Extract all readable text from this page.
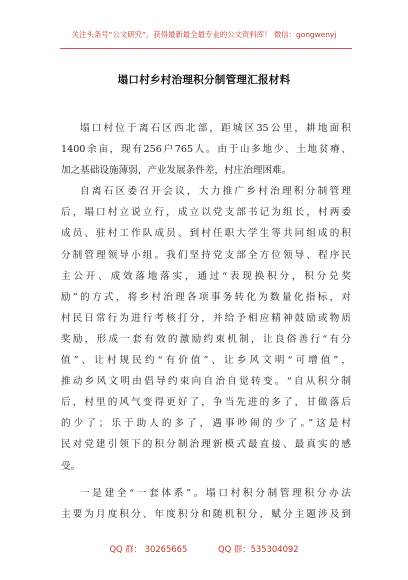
关注头条号“公文研究”，获得最新最全最专业的公文资料库！ 微信：gongwenyj
塌口村乡村治理积分制管理汇报材料
塌口村位于离石区西北部，距城区35公里，耕地面积
1400余亩，现有256户765人。由于山多地少、土地贫瘠、
加之基础设施薄弱，产业发展条件差，村庄治理困难。
自离石区委召开会议，大力推广乡村治理积分制管理
后，塌口村立说立行，成立以党支部书记为组长，村两委
成员、驻村工作队成员、到村任职大学生等共同组成的积
分制管理领导小组。我们坚持党支部全方位领导、程序民
主公开、成效落地落实，通过“表现换积分，积分兑奖
励”的方式，将乡村治理各项事务转化为数量化指标，对
村民日常行为进行考核打分，并给予相应精神鼓励或物质
奖励，形成一套有效的激励约束机制，让良俗善行“有分
值”、让村规民约“有价值”、让乡风文明“可增值”，
推动乡风文明由倡导约束向自治自觉转变。“自从积分制
后，村里的风气变得更好了，争当先进的多了，甘做落后
的少了；乐于助人的多了，遇事吵闹的少了。”这是村
民对党建引领下的积分制治理新模式最直接、最真实的感
受。
一是建全“一套体系”。塌口村积分制管理积分办法
主要为月度积分、年度积分和随机积分，赋分主题涉及到
QQ 群： 30265665	QQ 群：535304092
